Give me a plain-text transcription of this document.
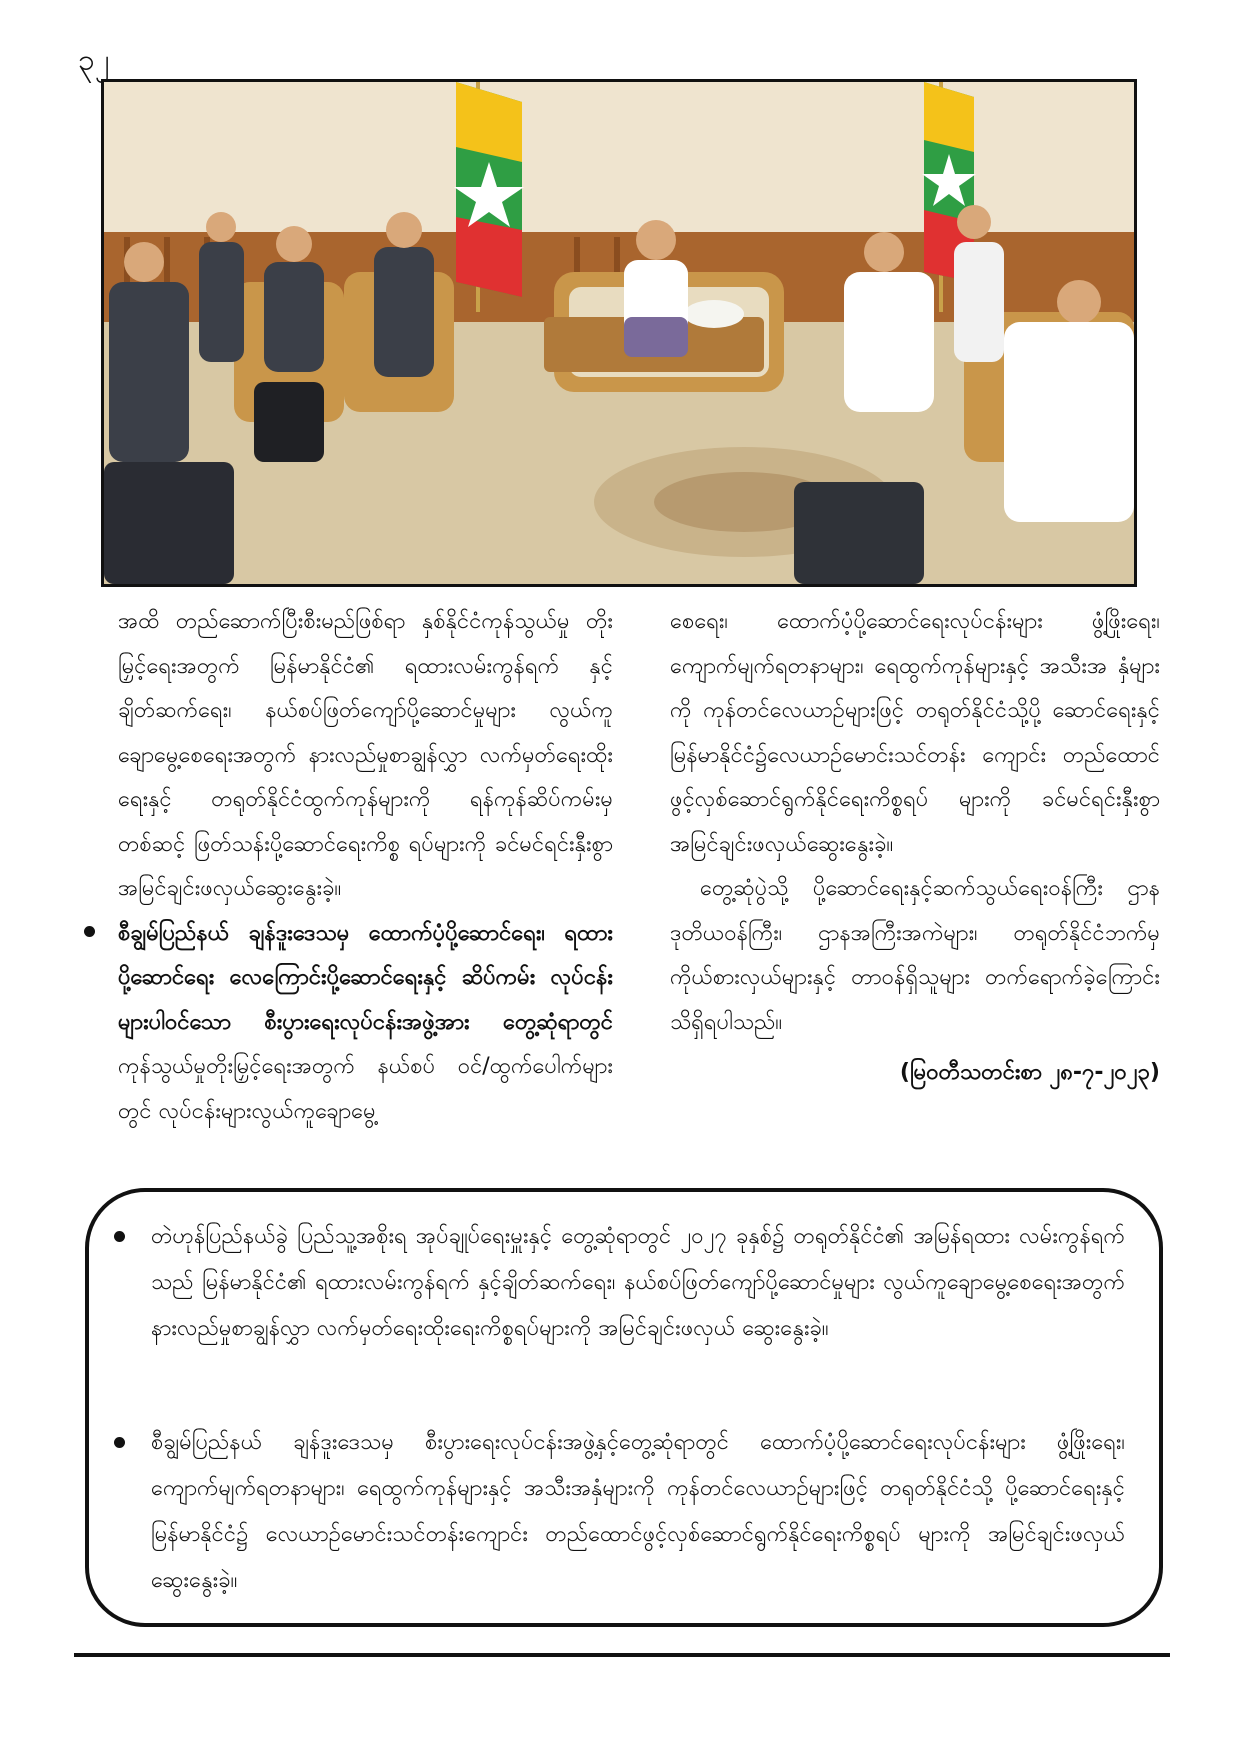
၃၂

အထိ တည်ဆောက်ပြီးစီးမည်ဖြစ်ရာ နှစ်နိုင်ငံကုန်သွယ်မှု တိုးမြှင့်ရေးအတွက် မြန်မာနိုင်ငံ၏ ရထားလမ်းကွန်ရက် နှင့်ချိတ်ဆက်ရေး၊ နယ်စပ်ဖြတ်ကျော်ပို့ဆောင်မှုများ လွယ်ကူချောမွေ့စေရေးအတွက် နားလည်မှုစာချွန်လွှာ လက်မှတ်ရေးထိုးရေးနှင့် တရုတ်နိုင်ငံထွက်ကုန်များကို ရန်ကုန်ဆိပ်ကမ်းမှတစ်ဆင့် ဖြတ်သန်းပို့ဆောင်ရေးကိစ္စ ရပ်များကို ခင်မင်ရင်းနှီးစွာ အမြင်ချင်းဖလှယ်ဆွေးနွေးခဲ့။

စီချွမ်ပြည်နယ် ချန်ဒူးဒေသမှ ထောက်ပံ့ပို့ဆောင်ရေး၊ ရထားပို့ဆောင်ရေး လေကြောင်းပို့ဆောင်ရေးနှင့် ဆိပ်ကမ်း လုပ်ငန်းများပါဝင်သော စီးပွားရေးလုပ်ငန်းအဖွဲ့အား တွေ့ဆုံရာတွင် ကုန်သွယ်မှုတိုးမြှင့်ရေးအတွက် နယ်စပ် ဝင်/ထွက်ပေါက်များတွင် လုပ်ငန်းများလွယ်ကူချောမွေ့

စေရေး၊ ထောက်ပံ့ပို့ဆောင်ရေးလုပ်ငန်းများ ဖွံ့ဖြိုးရေး၊ ကျောက်မျက်ရတနာများ၊ ရေထွက်ကုန်များနှင့် အသီးအ နှံများကို ကုန်တင်လေယာဉ်များဖြင့် တရုတ်နိုင်ငံသို့ပို့ ဆောင်ရေးနှင့် မြန်မာနိုင်ငံ၌လေယာဉ်မောင်းသင်တန်း ကျောင်း တည်ထောင်ဖွင့်လှစ်ဆောင်ရွက်နိုင်ရေးကိစ္စရပ် များကို ခင်မင်ရင်းနှီးစွာ အမြင်ချင်းဖလှယ်ဆွေးနွေးခဲ့။

တွေ့ဆုံပွဲသို့ ပို့ဆောင်ရေးနှင့်ဆက်သွယ်ရေးဝန်ကြီး ဌာန ဒုတိယဝန်ကြီး၊ ဌာနအကြီးအကဲများ၊ တရုတ်နိုင်ငံဘက်မှ ကိုယ်စားလှယ်များနှင့် တာဝန်ရှိသူများ တက်ရောက်ခဲ့ကြောင်း သိရှိရပါသည်။

(မြဝတီသတင်းစာ ၂၈-၇-၂၀၂၃)

တဲဟုန်ပြည်နယ်ခွဲ ပြည်သူ့အစိုးရ အုပ်ချုပ်ရေးမှူးနှင့် တွေ့ဆုံရာတွင် ၂၀၂၇ ခုနှစ်၌ တရုတ်နိုင်ငံ၏ အမြန်ရထား လမ်းကွန်ရက်သည် မြန်မာနိုင်ငံ၏ ရထားလမ်းကွန်ရက် နှင့်ချိတ်ဆက်ရေး၊ နယ်စပ်ဖြတ်ကျော်ပို့ဆောင်မှုများ လွယ်ကူချောမွေ့စေရေးအတွက် နားလည်မှုစာချွန်လွှာ လက်မှတ်ရေးထိုးရေးကိစ္စရပ်များကို အမြင်ချင်းဖလှယ် ဆွေးနွေးခဲ့။
စီချွမ်ပြည်နယ် ချန်ဒူးဒေသမှ စီးပွားရေးလုပ်ငန်းအဖွဲ့နှင့်တွေ့ဆုံရာတွင် ထောက်ပံ့ပို့ဆောင်ရေးလုပ်ငန်းများ ဖွံ့ဖြိုးရေး၊ ကျောက်မျက်ရတနာများ၊ ရေထွက်ကုန်များနှင့် အသီးအနှံများကို ကုန်တင်လေယာဉ်များဖြင့် တရုတ်နိုင်ငံသို့ ပို့ဆောင်ရေးနှင့် မြန်မာနိုင်ငံ၌ လေယာဉ်မောင်းသင်တန်းကျောင်း တည်ထောင်ဖွင့်လှစ်ဆောင်ရွက်နိုင်ရေးကိစ္စရပ် များကို အမြင်ချင်းဖလှယ်ဆွေးနွေးခဲ့။
